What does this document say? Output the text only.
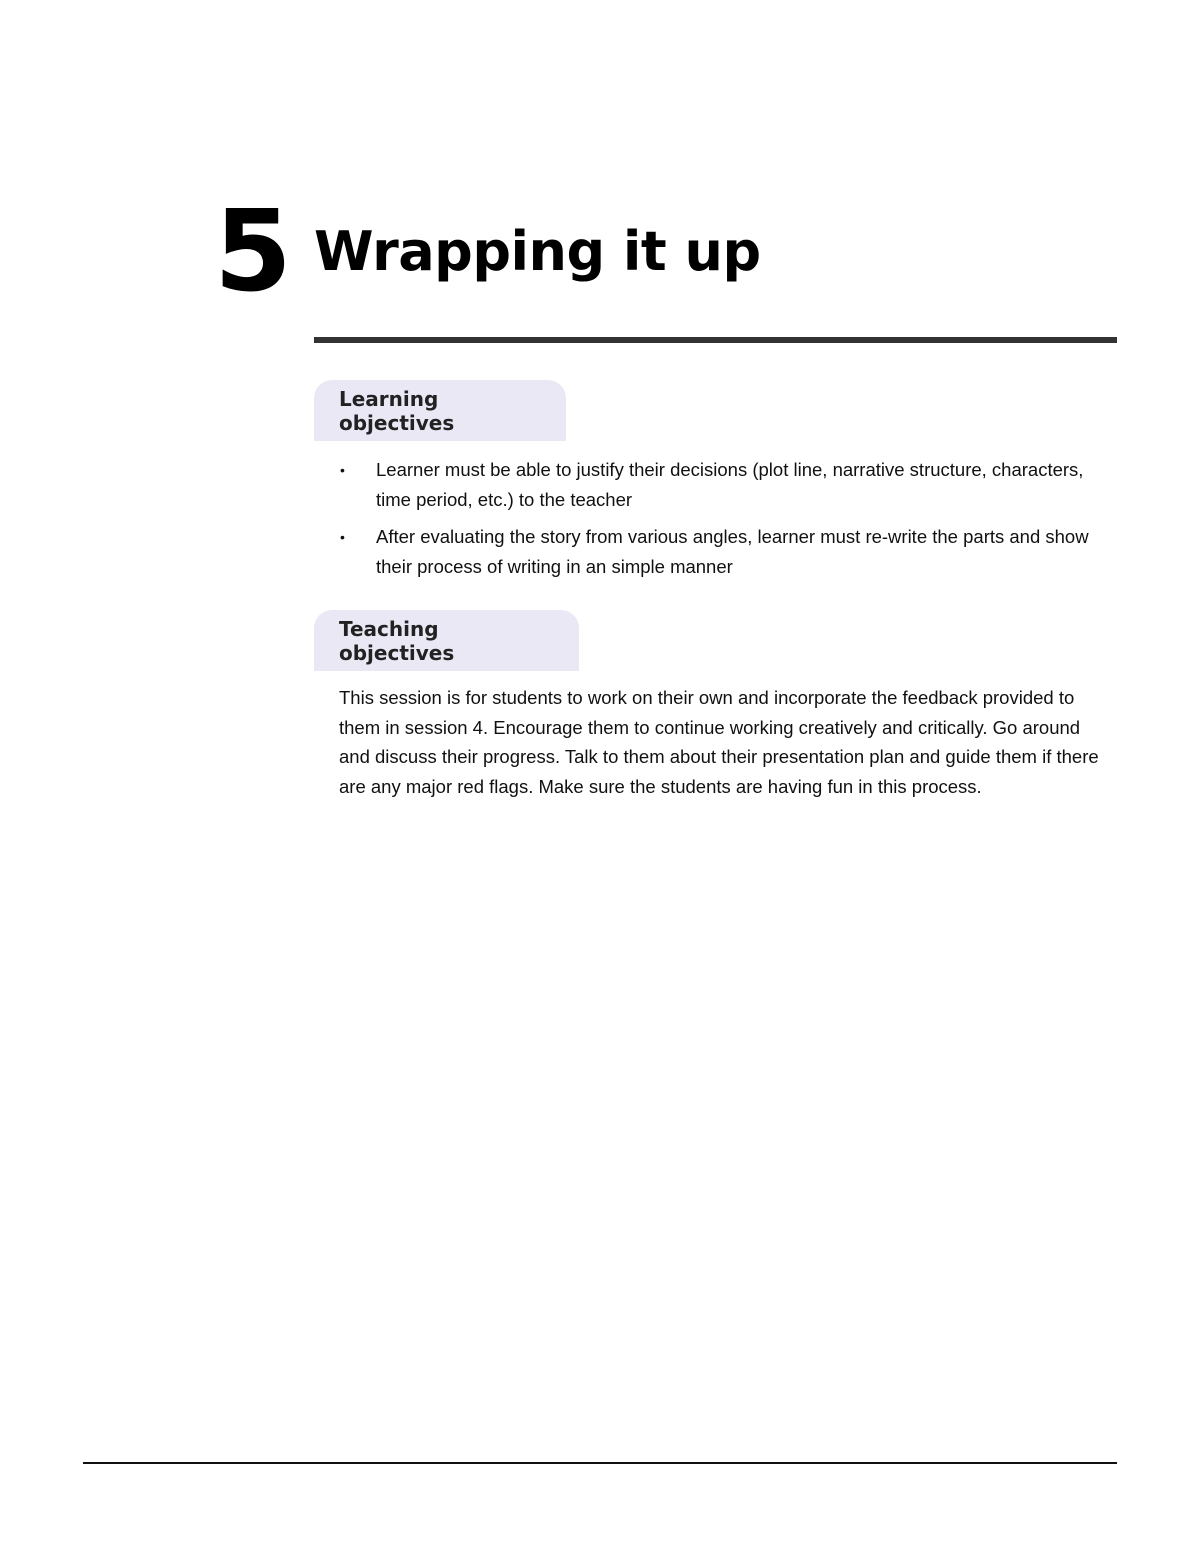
5 Wrapping it up
Learning objectives
• Learner must be able to justify their decisions (plot line, narrative structure, characters, time period, etc.) to the teacher
• After evaluating the story from various angles, learner must re-write the parts and show their process of writing in an simple manner
Teaching objectives

This session is for students to work on their own and incorporate the feedback provided to them in session 4. Encourage them to continue working creatively and critically. Go around and discuss their progress. Talk to them about their presentation plan and guide them if there are any major red flags. Make sure the students are having fun in this process.
